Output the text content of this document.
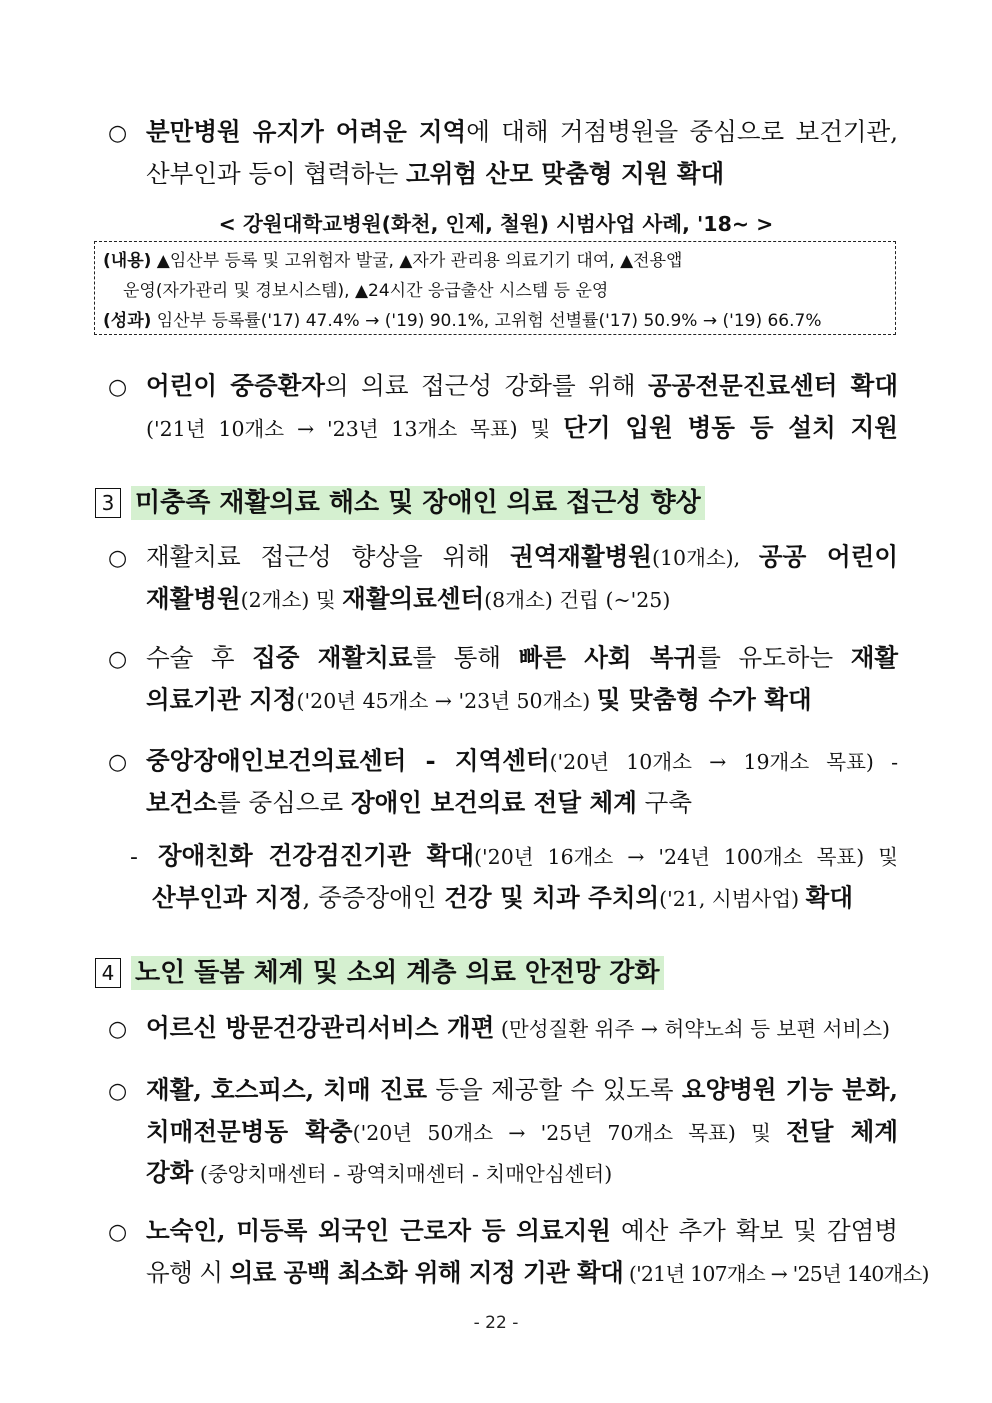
○ 분만병원 유지가 어려운 지역에 대해 거점병원을 중심으로 보건기관,
산부인과 등이 협력하는 고위험 산모 맞춤형 지원 확대
< 강원대학교병원(화천, 인제, 철원) 시범사업 사례, '18~ >
(내용) ▲임산부 등록 및 고위험자 발굴, ▲자가 관리용 의료기기 대여, ▲전용앱
운영(자가관리 및 경보시스템), ▲24시간 응급출산 시스템 등 운영
(성과) 임산부 등록률('17) 47.4% → ('19) 90.1%, 고위험 선별률('17) 50.9% → ('19) 66.7%
○ 어린이 중증환자의 의료 접근성 강화를 위해 공공전문진료센터 확대
('21년 10개소 → '23년 13개소 목표) 및 단기 입원 병동 등 설치 지원
3 미충족 재활의료 해소 및 장애인 의료 접근성 향상
○ 재활치료 접근성 향상을 위해 권역재활병원(10개소), 공공 어린이
재활병원(2개소) 및 재활의료센터(8개소) 건립 (~'25)
○ 수술 후 집중 재활치료를 통해 빠른 사회 복귀를 유도하는 재활
의료기관 지정('20년 45개소 → '23년 50개소) 및 맞춤형 수가 확대
○ 중앙장애인보건의료센터 - 지역센터('20년 10개소 → 19개소 목표) -
보건소를 중심으로 장애인 보건의료 전달 체계 구축
- 장애친화 건강검진기관 확대('20년 16개소 → '24년 100개소 목표) 및
산부인과 지정, 중증장애인 건강 및 치과 주치의('21, 시범사업) 확대
4 노인 돌봄 체계 및 소외 계층 의료 안전망 강화
○ 어르신 방문건강관리서비스 개편 (만성질환 위주 → 허약노쇠 등 보편 서비스)
○ 재활, 호스피스, 치매 진료 등을 제공할 수 있도록 요양병원 기능 분화,
치매전문병동 확충('20년 50개소 → '25년 70개소 목표) 및 전달 체계
강화 (중앙치매센터 - 광역치매센터 - 치매안심센터)
○ 노숙인, 미등록 외국인 근로자 등 의료지원 예산 추가 확보 및 감염병
유행 시 의료 공백 최소화 위해 지정 기관 확대 ('21년 107개소 → '25년 140개소)
- 22 -
